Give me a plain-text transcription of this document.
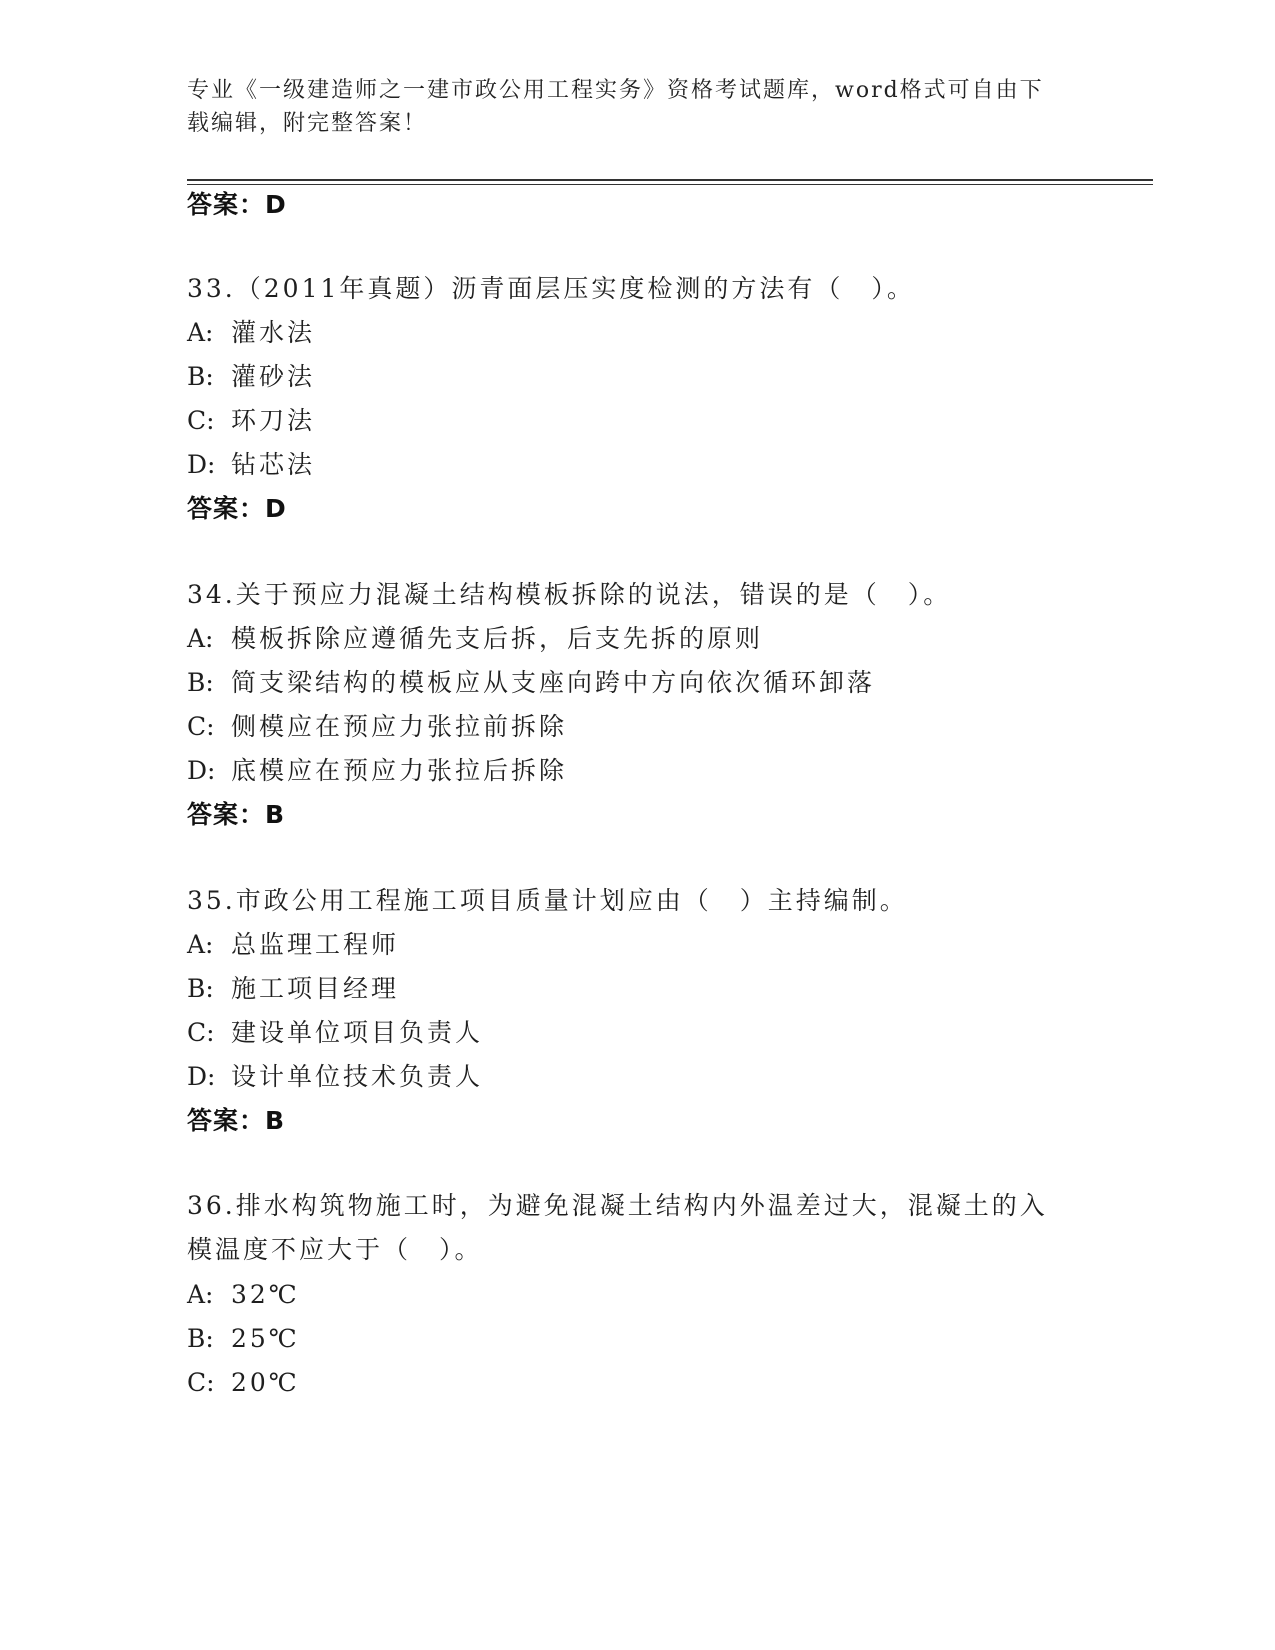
专业《一级建造师之一建市政公用工程实务》资格考试题库，word格式可自由下载编辑，附完整答案！
答案：D
33.（2011年真题）沥青面层压实度检测的方法有（　）。
A: 灌水法
B: 灌砂法
C: 环刀法
D: 钻芯法
答案：D
34.关于预应力混凝土结构模板拆除的说法，错误的是（　）。
A: 模板拆除应遵循先支后拆，后支先拆的原则
B: 简支梁结构的模板应从支座向跨中方向依次循环卸落
C: 侧模应在预应力张拉前拆除
D: 底模应在预应力张拉后拆除
答案：B
35.市政公用工程施工项目质量计划应由（　）主持编制。
A: 总监理工程师
B: 施工项目经理
C: 建设单位项目负责人
D: 设计单位技术负责人
答案：B
36.排水构筑物施工时，为避免混凝土结构内外温差过大，混凝土的入模温度不应大于（　）。
A: 32℃
B: 25℃
C: 20℃
